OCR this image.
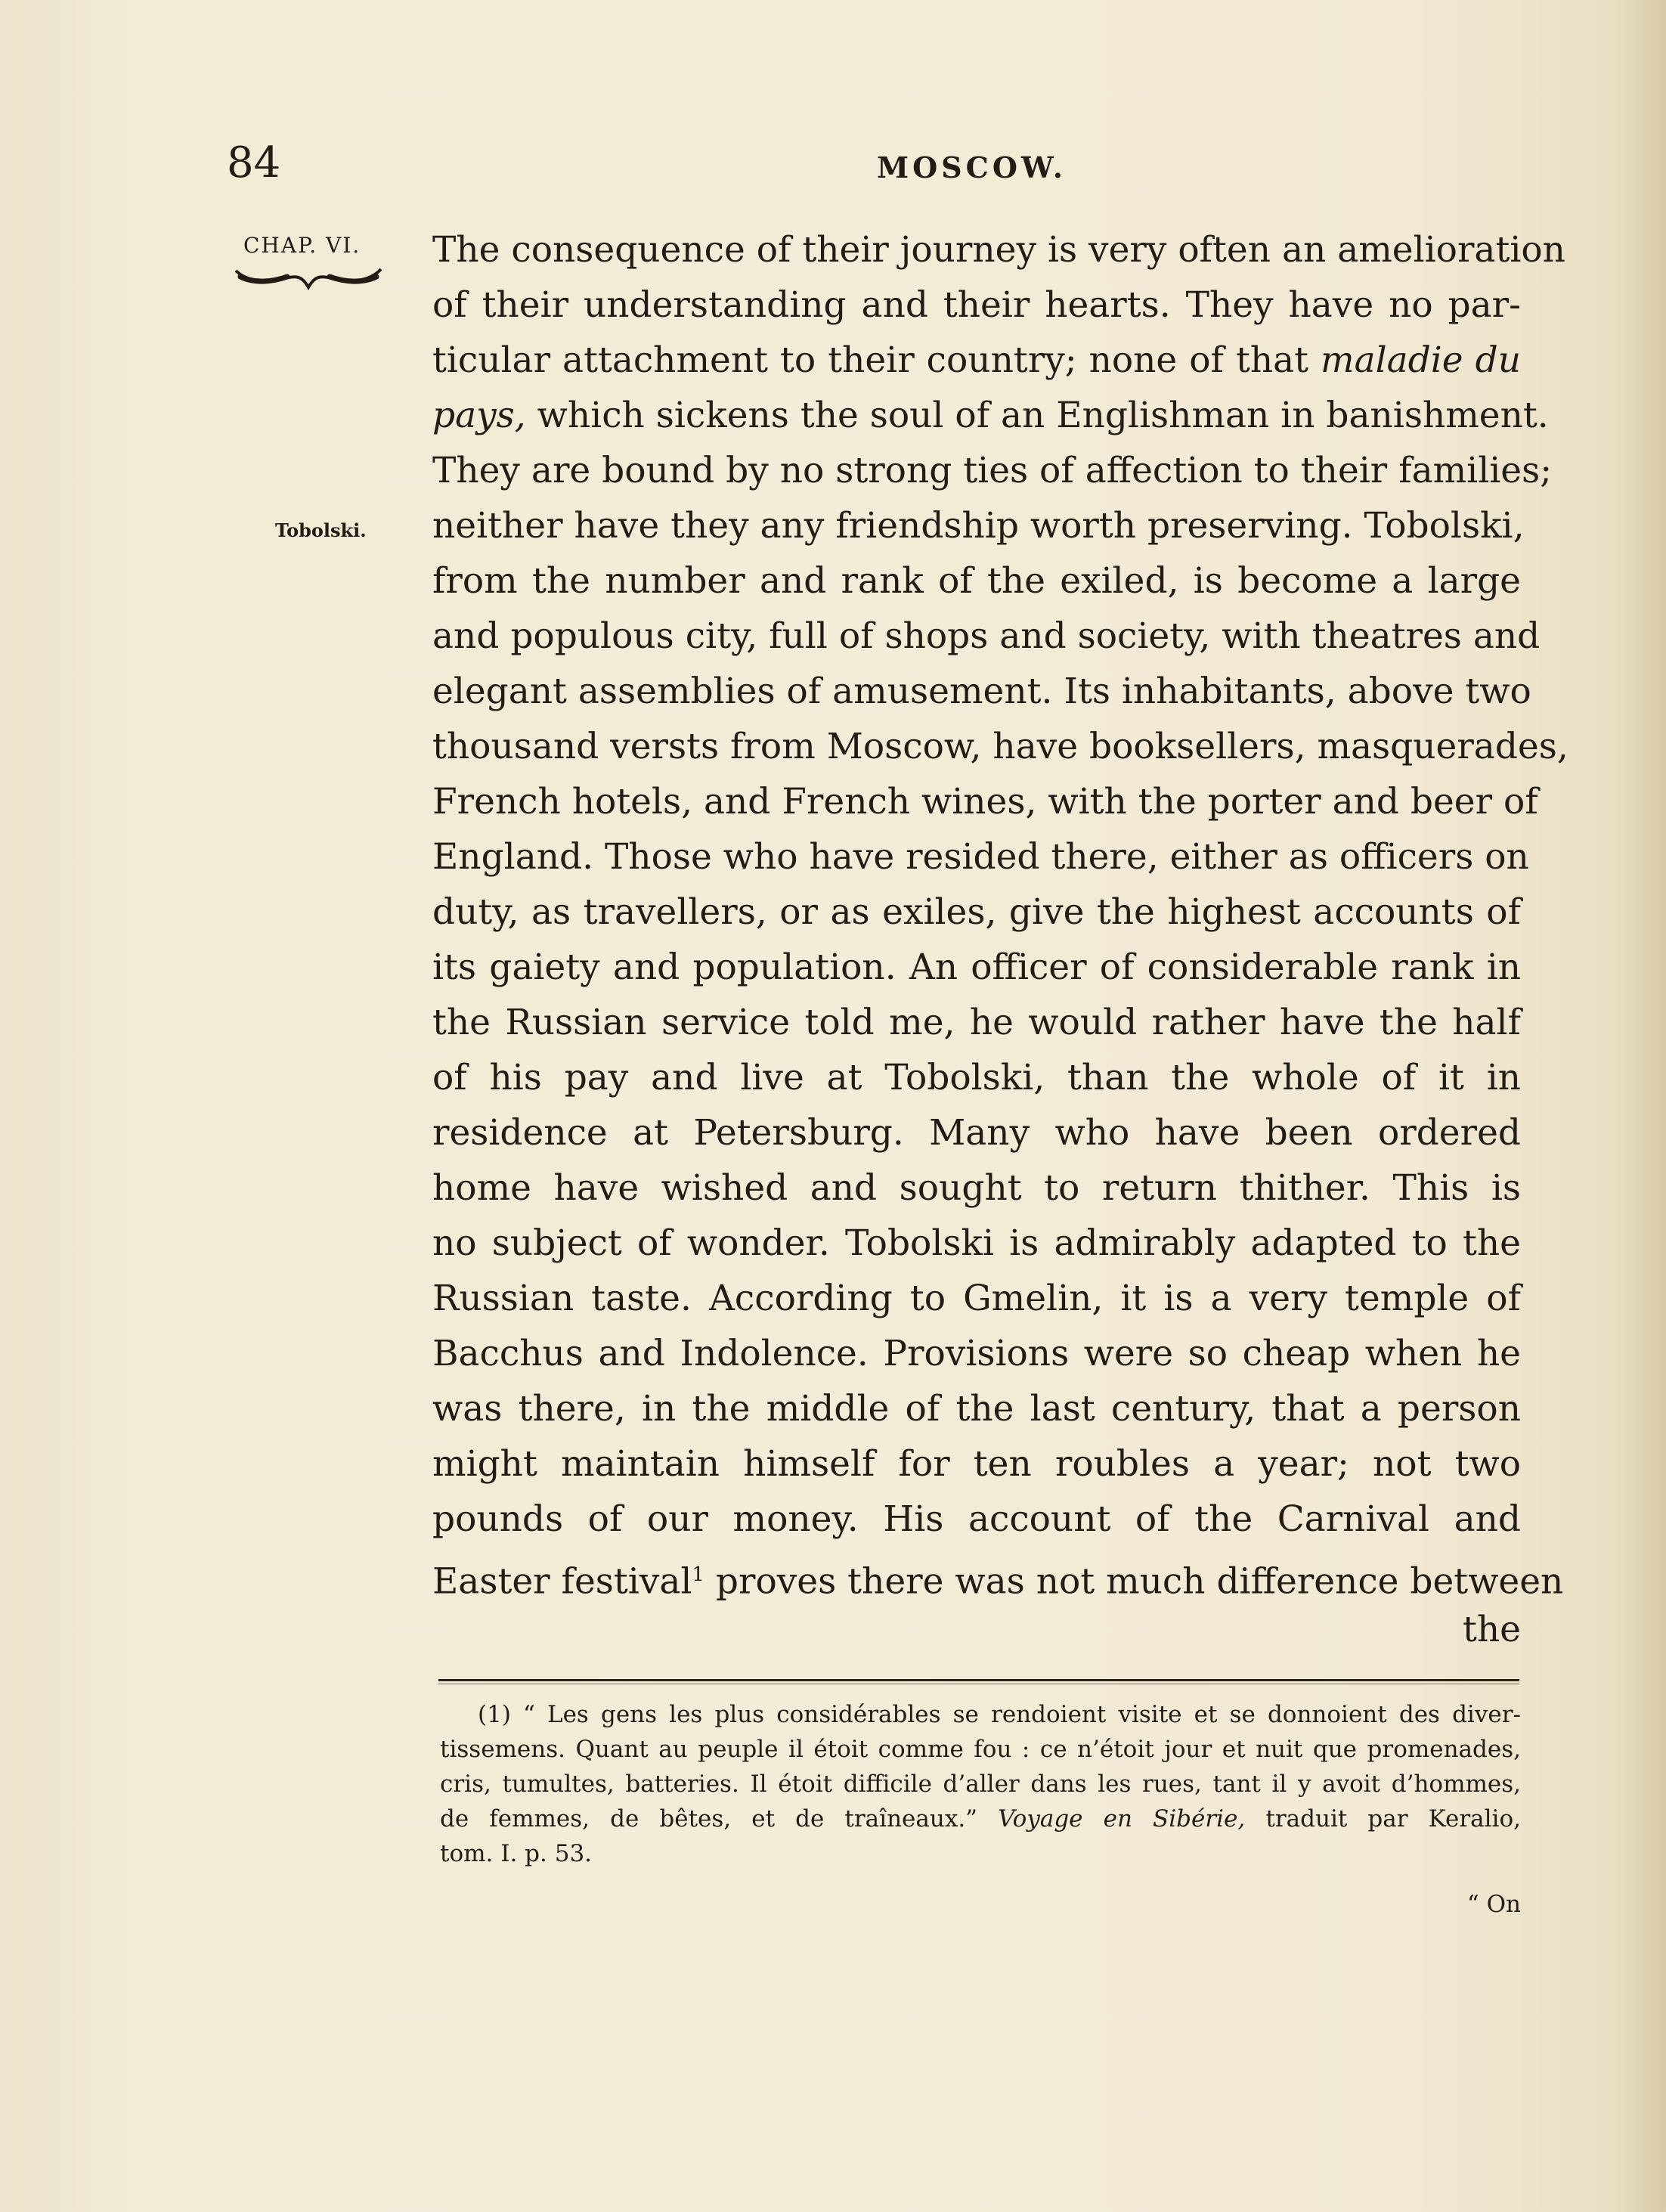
84	MOSCOW.
CHAP. VI.
Tobolski.
The consequence of their journey is very often an amelioration
of their understanding and their hearts. They have no par-
ticular attachment to their country; none of that maladie du
pays, which sickens the soul of an Englishman in banishment.
They are bound by no strong ties of affection to their families;
neither have they any friendship worth preserving. Tobolski,
from the number and rank of the exiled, is become a large
and populous city, full of shops and society, with theatres and
elegant assemblies of amusement. Its inhabitants, above two
thousand versts from Moscow, have booksellers, masquerades,
French hotels, and French wines, with the porter and beer of
England. Those who have resided there, either as officers on
duty, as travellers, or as exiles, give the highest accounts of
its gaiety and population. An officer of considerable rank in
the Russian service told me, he would rather have the half
of his pay and live at Tobolski, than the whole of it in
residence at Petersburg. Many who have been ordered
home have wished and sought to return thither. This is
no subject of wonder. Tobolski is admirably adapted to the
Russian taste. According to Gmelin, it is a very temple of
Bacchus and Indolence. Provisions were so cheap when he
was there, in the middle of the last century, that a person
might maintain himself for ten roubles a year; not two
pounds of our money. His account of the Carnival and
Easter festival$^1$ proves there was not much difference between
the
(1) “ Les gens les plus considérables se rendoient visite et se donnoient des diver-
tissemens. Quant au peuple il étoit comme fou : ce n’étoit jour et nuit que promenades,
cris, tumultes, batteries. Il étoit difficile d’aller dans les rues, tant il y avoit d’hommes,
de femmes, de bêtes, et de traîneaux.” Voyage en Sibérie, traduit par Keralio,
tom. I. p. 53.
“ On
